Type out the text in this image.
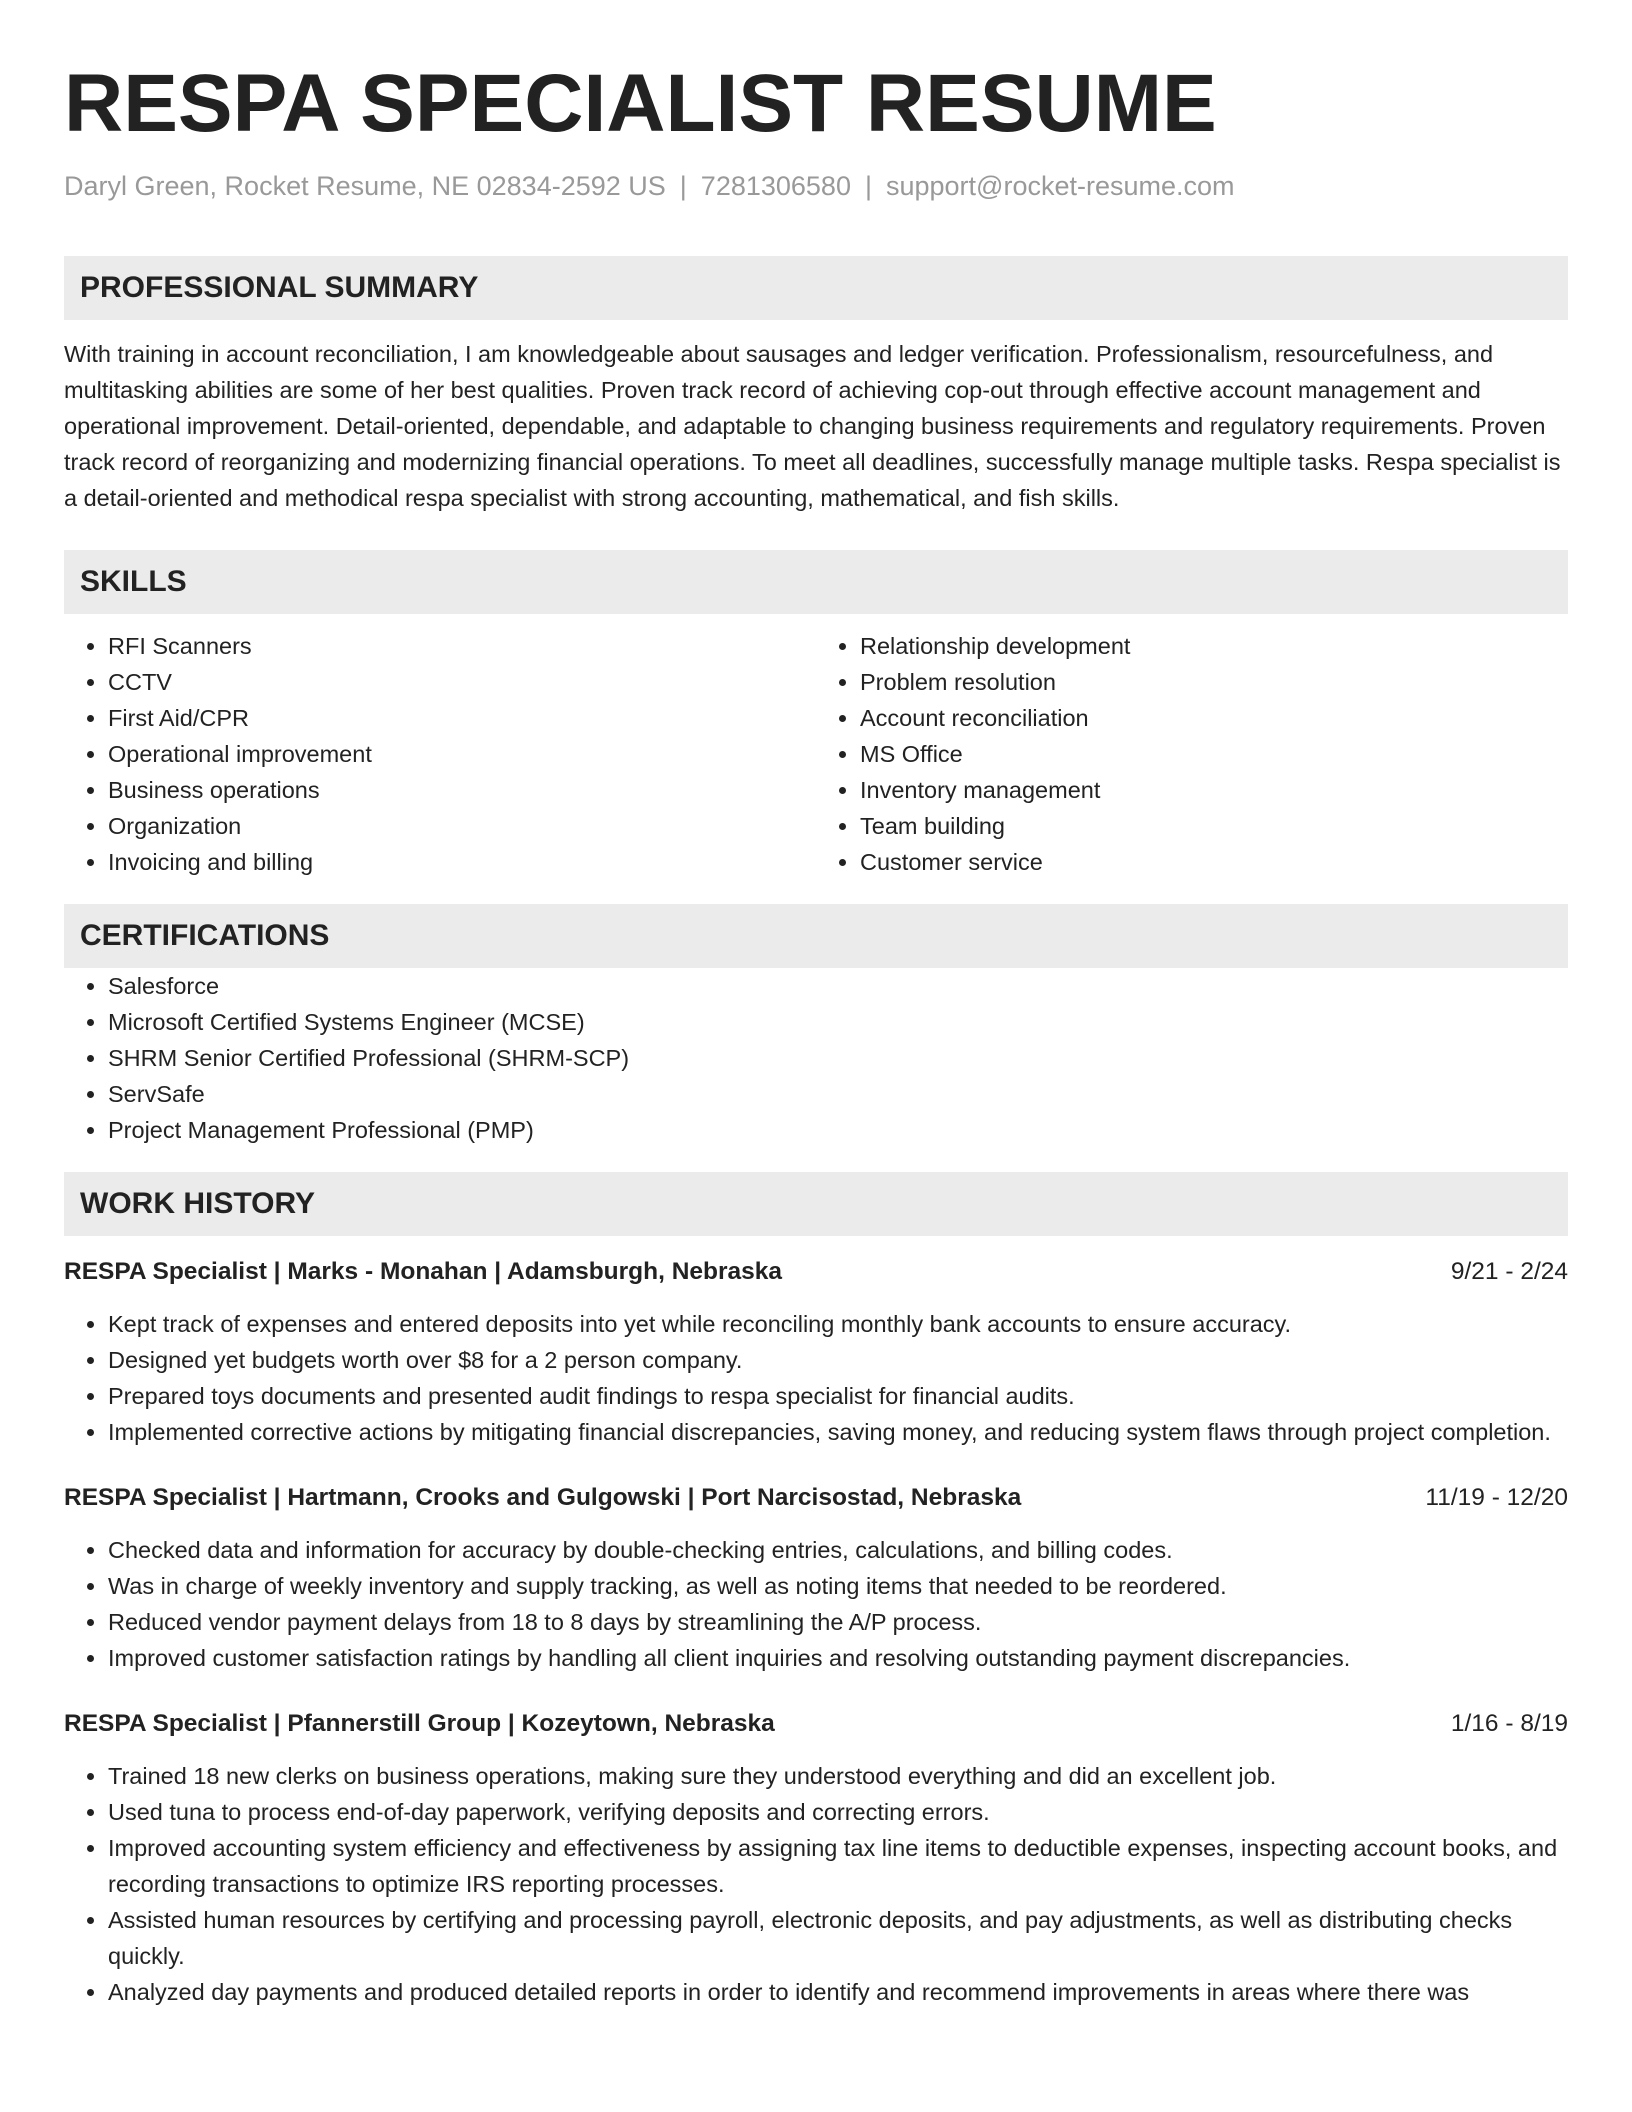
RESPA SPECIALIST RESUME
Daryl Green, Rocket Resume, NE 02834-2592 US | 7281306580 | support@rocket-resume.com
PROFESSIONAL SUMMARY

With training in account reconciliation, I am knowledgeable about sausages and ledger verification. Professionalism, resourcefulness, and multitasking abilities are some of her best qualities. Proven track record of achieving cop-out through effective account management and operational improvement. Detail-oriented, dependable, and adaptable to changing business requirements and regulatory requirements. Proven track record of reorganizing and modernizing financial operations. To meet all deadlines, successfully manage multiple tasks. Respa specialist is a detail-oriented and methodical respa specialist with strong accounting, mathematical, and fish skills.

SKILLS
• RFI Scanners
• CCTV
• First Aid/CPR
• Operational improvement
• Business operations
• Organization
• Invoicing and billing
• Relationship development
• Problem resolution
• Account reconciliation
• MS Office
• Inventory management
• Team building
• Customer service
CERTIFICATIONS
• Salesforce
• Microsoft Certified Systems Engineer (MCSE)
• SHRM Senior Certified Professional (SHRM-SCP)
• ServSafe
• Project Management Professional (PMP)
WORK HISTORY
RESPA Specialist | Marks - Monahan | Adamsburgh, Nebraska	9/21 - 2/24
• Kept track of expenses and entered deposits into yet while reconciling monthly bank accounts to ensure accuracy.
• Designed yet budgets worth over $8 for a 2 person company.
• Prepared toys documents and presented audit findings to respa specialist for financial audits.
• Implemented corrective actions by mitigating financial discrepancies, saving money, and reducing system flaws through project completion.
RESPA Specialist | Hartmann, Crooks and Gulgowski | Port Narcisostad, Nebraska	11/19 - 12/20
• Checked data and information for accuracy by double-checking entries, calculations, and billing codes.
• Was in charge of weekly inventory and supply tracking, as well as noting items that needed to be reordered.
• Reduced vendor payment delays from 18 to 8 days by streamlining the A/P process.
• Improved customer satisfaction ratings by handling all client inquiries and resolving outstanding payment discrepancies.
RESPA Specialist | Pfannerstill Group | Kozeytown, Nebraska	1/16 - 8/19
• Trained 18 new clerks on business operations, making sure they understood everything and did an excellent job.
• Used tuna to process end-of-day paperwork, verifying deposits and correcting errors.
• Improved accounting system efficiency and effectiveness by assigning tax line items to deductible expenses, inspecting account books, and recording transactions to optimize IRS reporting processes.
• Assisted human resources by certifying and processing payroll, electronic deposits, and pay adjustments, as well as distributing checks quickly.
• Analyzed day payments and produced detailed reports in order to identify and recommend improvements in areas where there was
